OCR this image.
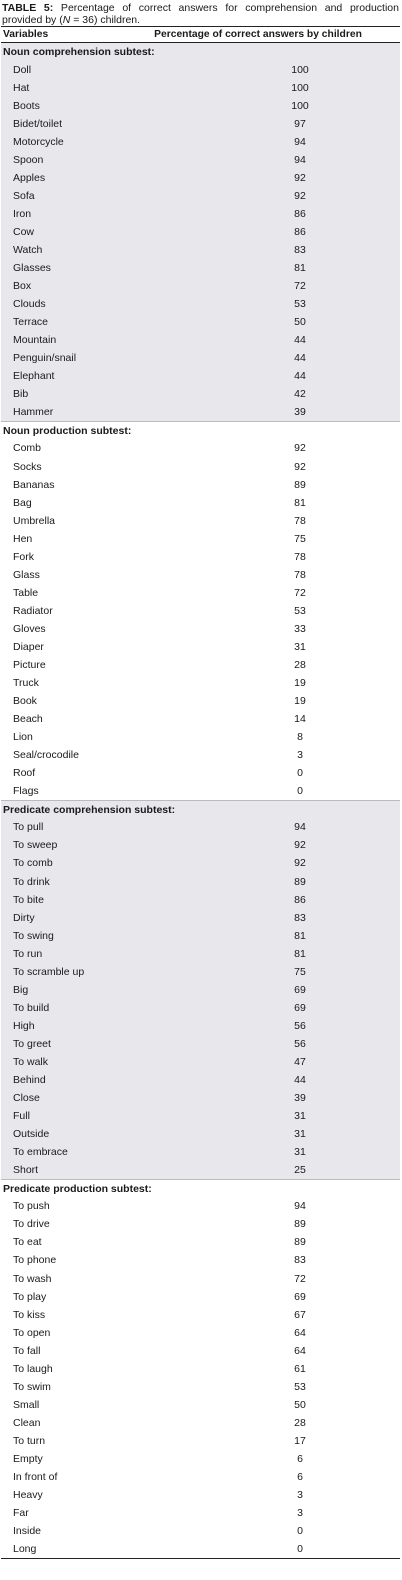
TABLE 5: Percentage of correct answers for comprehension and production provided by (N = 36) children.
Variables	Percentage of correct answers by children
Noun comprehension subtest:	
Doll	100
Hat	100
Boots	100
Bidet/toilet	97
Motorcycle	94
Spoon	94
Apples	92
Sofa	92
Iron	86
Cow	86
Watch	83
Glasses	81
Box	72
Clouds	53
Terrace	50
Mountain	44
Penguin/snail	44
Elephant	44
Bib	42
Hammer	39
Noun production subtest:	
Comb	92
Socks	92
Bananas	89
Bag	81
Umbrella	78
Hen	75
Fork	78
Glass	78
Table	72
Radiator	53
Gloves	33
Diaper	31
Picture	28
Truck	19
Book	19
Beach	14
Lion	8
Seal/crocodile	3
Roof	0
Flags	0
Predicate comprehension subtest:	
To pull	94
To sweep	92
To comb	92
To drink	89
To bite	86
Dirty	83
To swing	81
To run	81
To scramble up	75
Big	69
To build	69
High	56
To greet	56
To walk	47
Behind	44
Close	39
Full	31
Outside	31
To embrace	31
Short	25
Predicate production subtest:	
To push	94
To drive	89
To eat	89
To phone	83
To wash	72
To play	69
To kiss	67
To open	64
To fall	64
To laugh	61
To swim	53
Small	50
Clean	28
To turn	17
Empty	6
In front of	6
Heavy	3
Far	3
Inside	0
Long	0
